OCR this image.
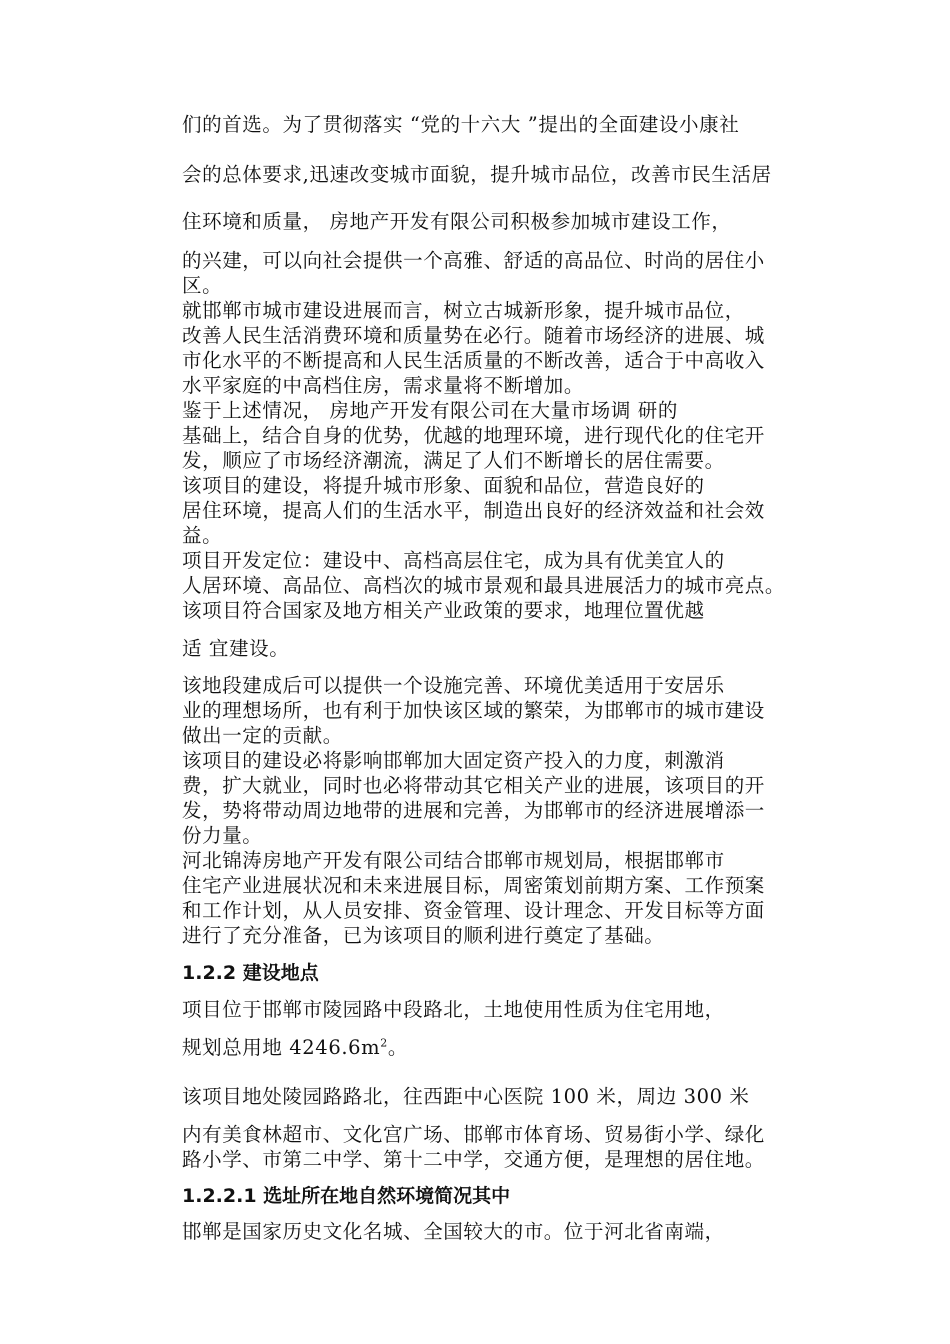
们的首选。为了贯彻落实 “党的十六大 ”提出的全面建设小康社

会的总体要求,迅速改变城市面貌，提升城市品位，改善市民生活居

住环境和质量， 房地产开发有限公司积极参加城市建设工作，

的兴建，可以向社会提供一个高雅、舒适的高品位、时尚的居住小

区。

就邯郸市城市建设进展而言，树立古城新形象，提升城市品位，

改善人民生活消费环境和质量势在必行。随着市场经济的进展、城

市化水平的不断提高和人民生活质量的不断改善，适合于中高收入

水平家庭的中高档住房，需求量将不断增加。

鉴于上述情况， 房地产开发有限公司在大量市场调 研的

基础上，结合自身的优势，优越的地理环境，进行现代化的住宅开

发，顺应了市场经济潮流，满足了人们不断增长的居住需要。

该项目的建设，将提升城市形象、面貌和品位，营造良好的

居住环境，提高人们的生活水平，制造出良好的经济效益和社会效

益。

项目开发定位：建设中、高档高层住宅，成为具有优美宜人的

人居环境、高品位、高档次的城市景观和最具进展活力的城市亮点。

该项目符合国家及地方相关产业政策的要求，地理位置优越

适 宜建设。

该地段建成后可以提供一个设施完善、环境优美适用于安居乐

业的理想场所，也有利于加快该区域的繁荣，为邯郸市的城市建设

做出一定的贡献。

该项目的建设必将影响邯郸加大固定资产投入的力度，刺激消

费，扩大就业，同时也必将带动其它相关产业的进展，该项目的开

发，势将带动周边地带的进展和完善，为邯郸市的经济进展增添一

份力量。

河北锦涛房地产开发有限公司结合邯郸市规划局，根据邯郸市

住宅产业进展状况和未来进展目标，周密策划前期方案、工作预案

和工作计划，从人员安排、资金管理、设计理念、开发目标等方面

进行了充分准备，已为该项目的顺利进行奠定了基础。

1.2.2 建设地点

项目位于邯郸市陵园路中段路北，土地使用性质为住宅用地，

规划总用地 $4246.6m^2$。

该项目地处陵园路路北，往西距中心医院 100 米，周边 300 米

内有美食林超市、文化宫广场、邯郸市体育场、贸易街小学、绿化

路小学、市第二中学、第十二中学，交通方便，是理想的居住地。

1.2.2.1 选址所在地自然环境简况其中

邯郸是国家历史文化名城、全国较大的市。位于河北省南端，
